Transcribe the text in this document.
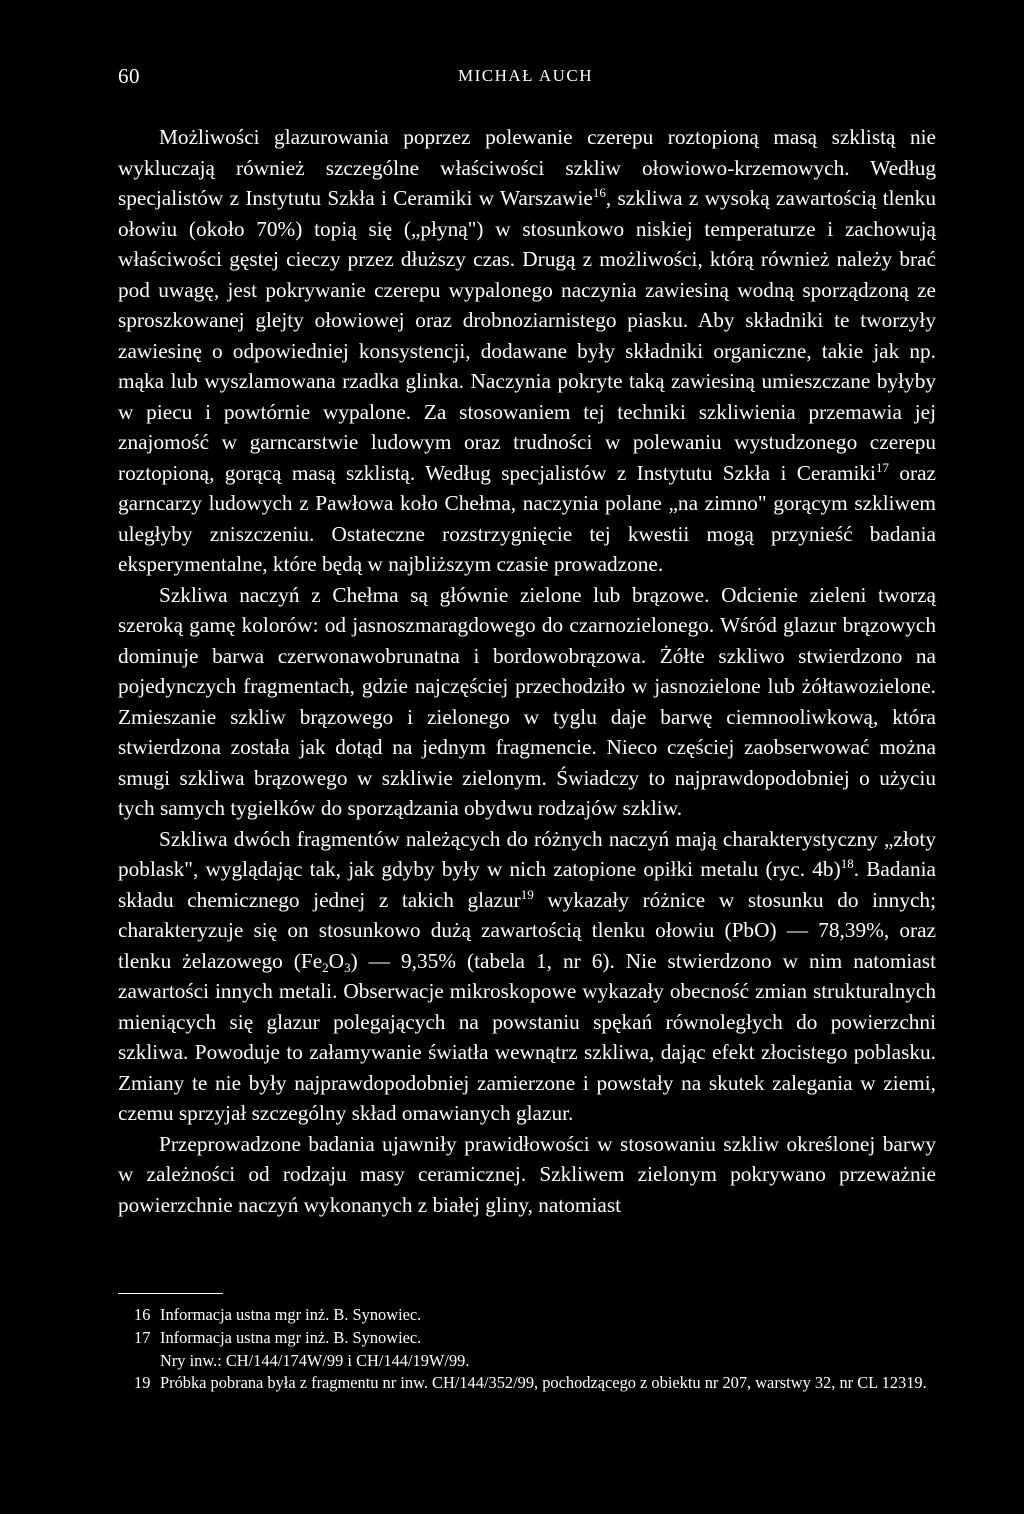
60	MICHAŁ AUCH

Możliwości glazurowania poprzez polewanie czerepu roztopioną masą szklistą nie wykluczają również szczególne właściwości szkliw ołowiowo-krzemowych. Według specjalistów z Instytutu Szkła i Ceramiki w Warszawie$^{16}$, szkliwa z wysoką zawartością tlenku ołowiu (około 70%) topią się („płyną") w stosunkowo niskiej temperaturze i zachowują właściwości gęstej cieczy przez dłuższy czas. Drugą z możliwości, którą również należy brać pod uwagę, jest pokrywanie czerepu wypalonego naczynia zawiesiną wodną sporządzoną ze sproszkowanej glejty ołowiowej oraz drobnoziarnistego piasku. Aby składniki te tworzyły zawiesinę o odpowiedniej konsystencji, dodawane były składniki organiczne, takie jak np. mąka lub wyszlamowana rzadka glinka. Naczynia pokryte taką zawiesiną umieszczane byłyby w piecu i powtórnie wypalone. Za stosowaniem tej techniki szkliwienia przemawia jej znajomość w garncarstwie ludowym oraz trudności w polewaniu wystudzonego czerepu roztopioną, gorącą masą szklistą. Według specjalistów z Instytutu Szkła i Ceramiki$^{17}$ oraz garncarzy ludowych z Pawłowa koło Chełma, naczynia polane „na zimno" gorącym szkliwem uległyby zniszczeniu. Ostateczne rozstrzygnięcie tej kwestii mogą przynieść badania eksperymentalne, które będą w najbliższym czasie prowadzone.

Szkliwa naczyń z Chełma są głównie zielone lub brązowe. Odcienie zieleni tworzą szeroką gamę kolorów: od jasnoszmaragdowego do czarnozielonego. Wśród glazur brązowych dominuje barwa czerwonawobrunatna i bordowobrązowa. Żółte szkliwo stwierdzono na pojedynczych fragmentach, gdzie najczęściej przechodziło w jasnozielone lub żółtawozielone. Zmieszanie szkliw brązowego i zielonego w tyglu daje barwę ciemnooliwkową, która stwierdzona została jak dotąd na jednym fragmencie. Nieco częściej zaobserwować można smugi szkliwa brązowego w szkliwie zielonym. Świadczy to najprawdopodobniej o użyciu tych samych tygielków do sporządzania obydwu rodzajów szkliw.

Szkliwa dwóch fragmentów należących do różnych naczyń mają charakterystyczny „złoty poblask", wyglądając tak, jak gdyby były w nich zatopione opiłki metalu (ryc. 4b)$^{18}$. Badania składu chemicznego jednej z takich glazur$^{19}$ wykazały różnice w stosunku do innych; charakteryzuje się on stosunkowo dużą zawartością tlenku ołowiu (PbO) — 78,39%, oraz tlenku żelazowego $(Fe_2O_3)$ — 9,35% (tabela 1, nr 6). Nie stwierdzono w nim natomiast zawartości innych metali. Obserwacje mikroskopowe wykazały obecność zmian strukturalnych mieniących się glazur polegających na powstaniu spękań równoległych do powierzchni szkliwa. Powoduje to załamywanie światła wewnątrz szkliwa, dając efekt złocistego poblasku. Zmiany te nie były najprawdopodobniej zamierzone i powstały na skutek zalegania w ziemi, czemu sprzyjał szczególny skład omawianych glazur.

Przeprowadzone badania ujawniły prawidłowości w stosowaniu szkliw określonej barwy w zależności od rodzaju masy ceramicznej. Szkliwem zielonym pokrywano przeważnie powierzchnie naczyń wykonanych z białej gliny, natomiast

16 Informacja ustna mgr inż. B. Synowiec.

17 Informacja ustna mgr inż. B. Synowiec.

Nry inw.: CH/144/174W/99 i CH/144/19W/99.

19 Próbka pobrana była z fragmentu nr inw. CH/144/352/99, pochodzącego z obiektu nr 207, warstwy 32, nr CL 12319.
